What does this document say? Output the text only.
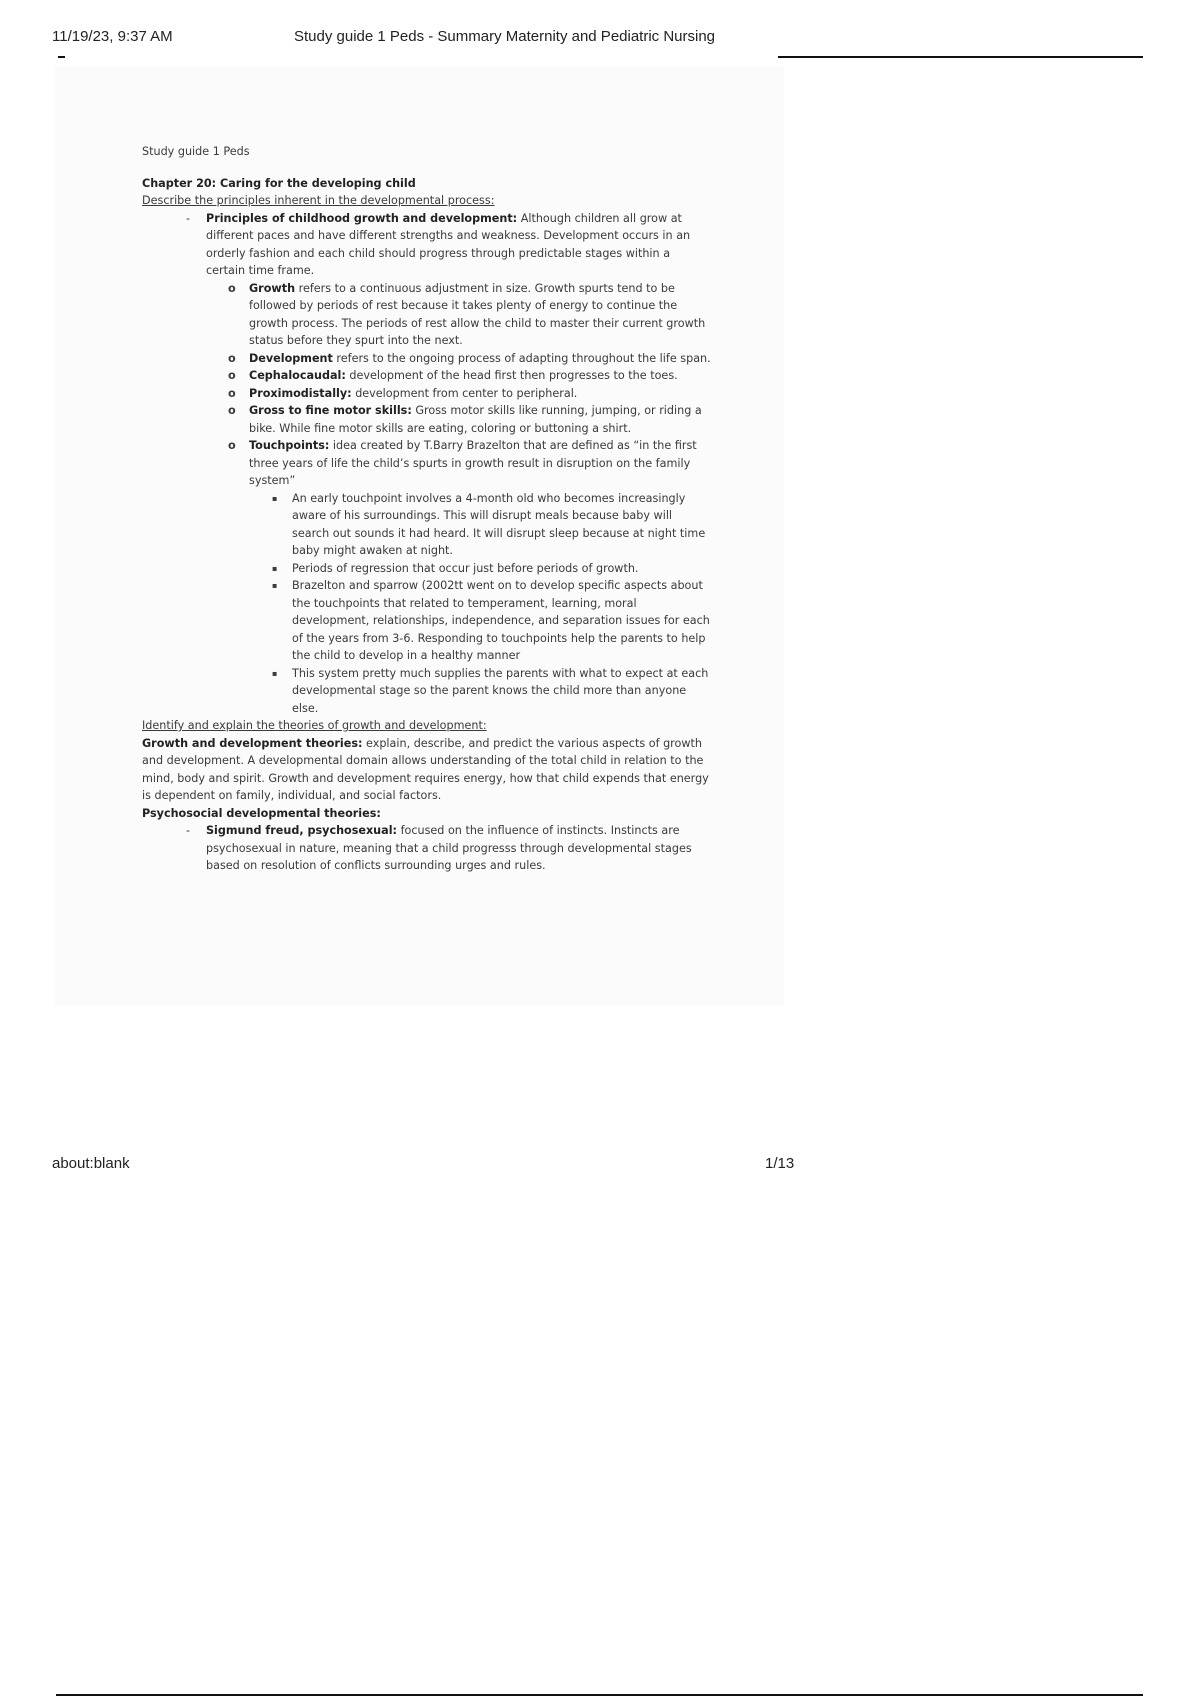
11/19/23, 9:37 AM	Study guide 1 Peds - Summary Maternity and Pediatric Nursing

Study guide 1 Peds

Chapter 20: Caring for the developing child

Describe the principles inherent in the developmental process:

- Principles of childhood growth and development: Although children all grow at different paces and have different strengths and weakness. Development occurs in an orderly fashion and each child should progress through predictable stages within a certain time frame.
o Growth refers to a continuous adjustment in size. Growth spurts tend to be followed by periods of rest because it takes plenty of energy to continue the growth process. The periods of rest allow the child to master their current growth status before they spurt into the next.
o Development refers to the ongoing process of adapting throughout the life span.
o Cephalocaudal: development of the head first then progresses to the toes.
o Proximodistally: development from center to peripheral.
o Gross to fine motor skills: Gross motor skills like running, jumping, or riding a bike. While fine motor skills are eating, coloring or buttoning a shirt.
o Touchpoints: idea created by T.Barry Brazelton that are defined as “in the first three years of life the child’s spurts in growth result in disruption on the family system”
▪ An early touchpoint involves a 4-month old who becomes increasingly aware of his surroundings. This will disrupt meals because baby will search out sounds it had heard. It will disrupt sleep because at night time baby might awaken at night.
▪ Periods of regression that occur just before periods of growth.
▪ Brazelton and sparrow (2002tt went on to develop specific aspects about the touchpoints that related to temperament, learning, moral development, relationships, independence, and separation issues for each of the years from 3-6. Responding to touchpoints help the parents to help the child to develop in a healthy manner
▪ This system pretty much supplies the parents with what to expect at each developmental stage so the parent knows the child more than anyone else.

Identify and explain the theories of growth and development:

Growth and development theories: explain, describe, and predict the various aspects of growth and development. A developmental domain allows understanding of the total child in relation to the mind, body and spirit. Growth and development requires energy, how that child expends that energy is dependent on family, individual, and social factors.

Psychosocial developmental theories:

- Sigmund freud, psychosexual: focused on the influence of instincts. Instincts are psychosexual in nature, meaning that a child progresss through developmental stages based on resolution of conflicts surrounding urges and rules.
about:blank	1/13
